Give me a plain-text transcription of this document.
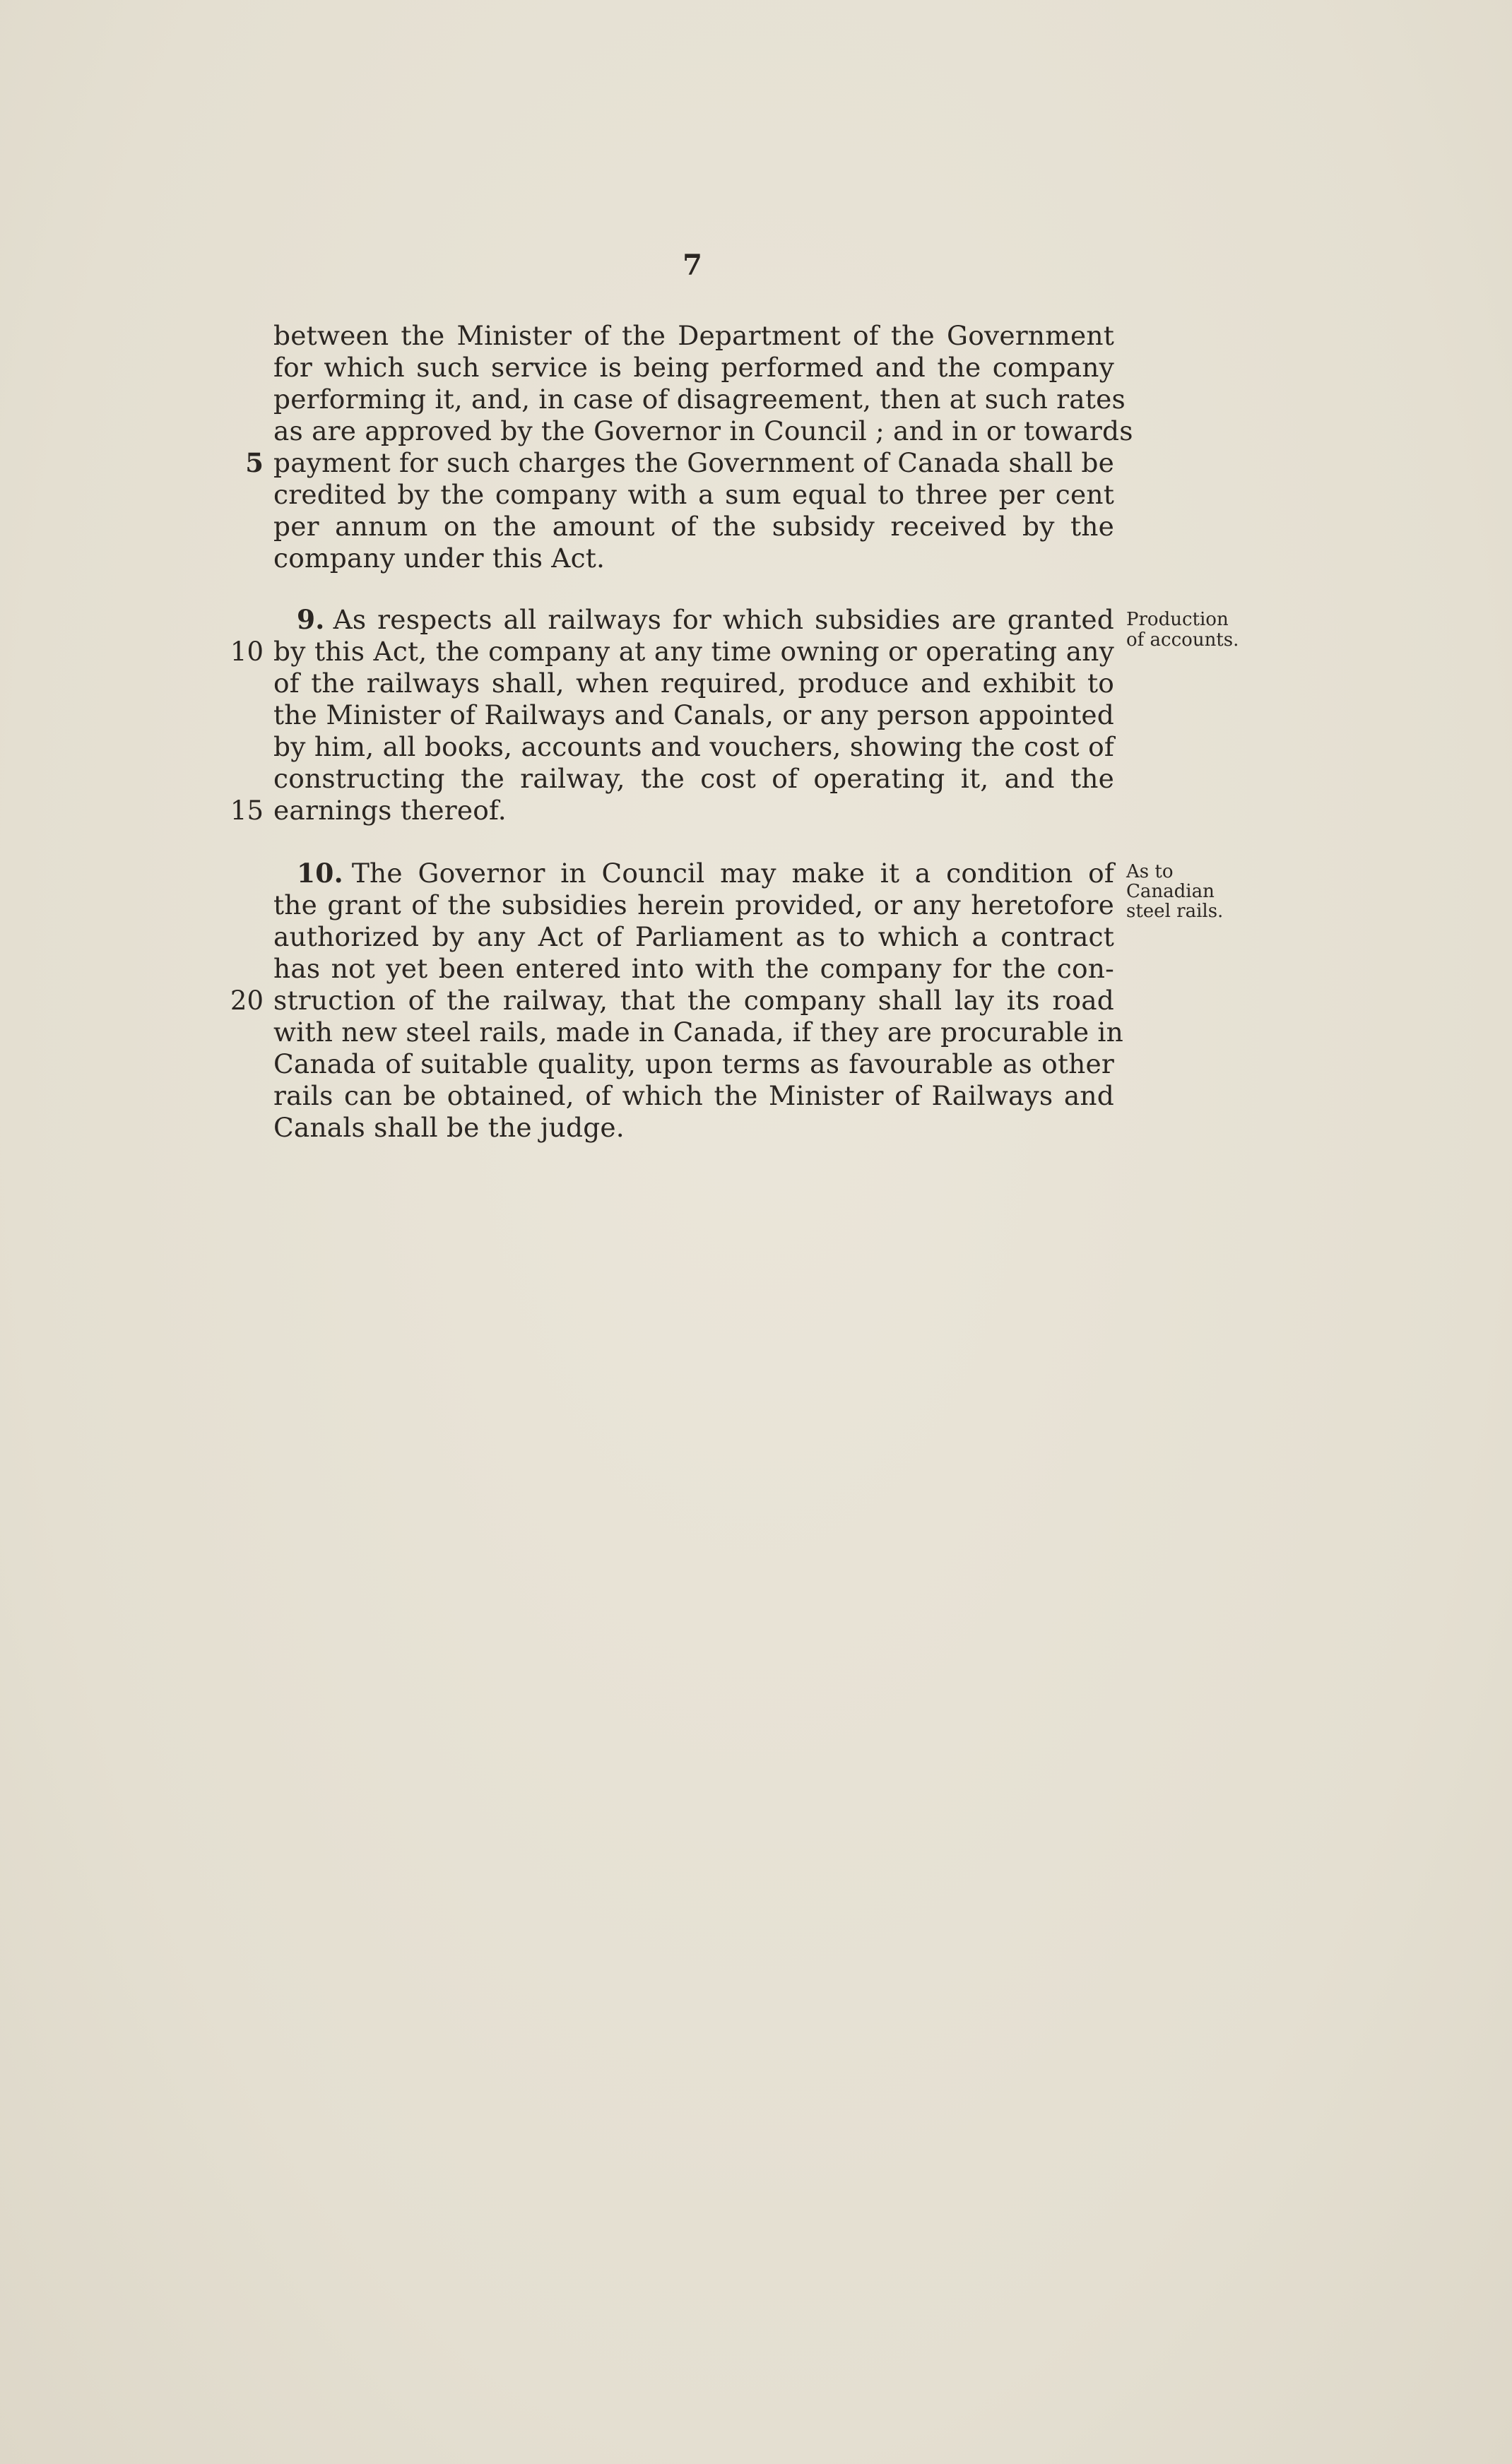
7
between the Minister of the Department of the Government
for which such service is being performed and the company
performing it, and, in case of disagreement, then at such rates
as are approved by the Governor in Council ; and in or towards
payment for such charges the Government of Canada shall be
credited by the company with a sum equal to three per cent
per annum on the amount of the subsidy received by the
company under this Act.
9. As respects all railways for which subsidies are granted
by this Act, the company at any time owning or operating any
of the railways shall, when required, produce and exhibit to
the Minister of Railways and Canals, or any person appointed
by him, all books, accounts and vouchers, showing the cost of
constructing the railway, the cost of operating it, and the
earnings thereof.
Production
of accounts.
10. The Governor in Council may make it a condition of
the grant of the subsidies herein provided, or any heretofore
authorized by any Act of Parliament as to which a contract
has not yet been entered into with the company for the con-
struction of the railway, that the company shall lay its road
with new steel rails, made in Canada, if they are procurable in
Canada of suitable quality, upon terms as favourable as other
rails can be obtained, of which the Minister of Railways and
Canals shall be the judge.
As to
Canadian
steel rails.
5
10
15
20
